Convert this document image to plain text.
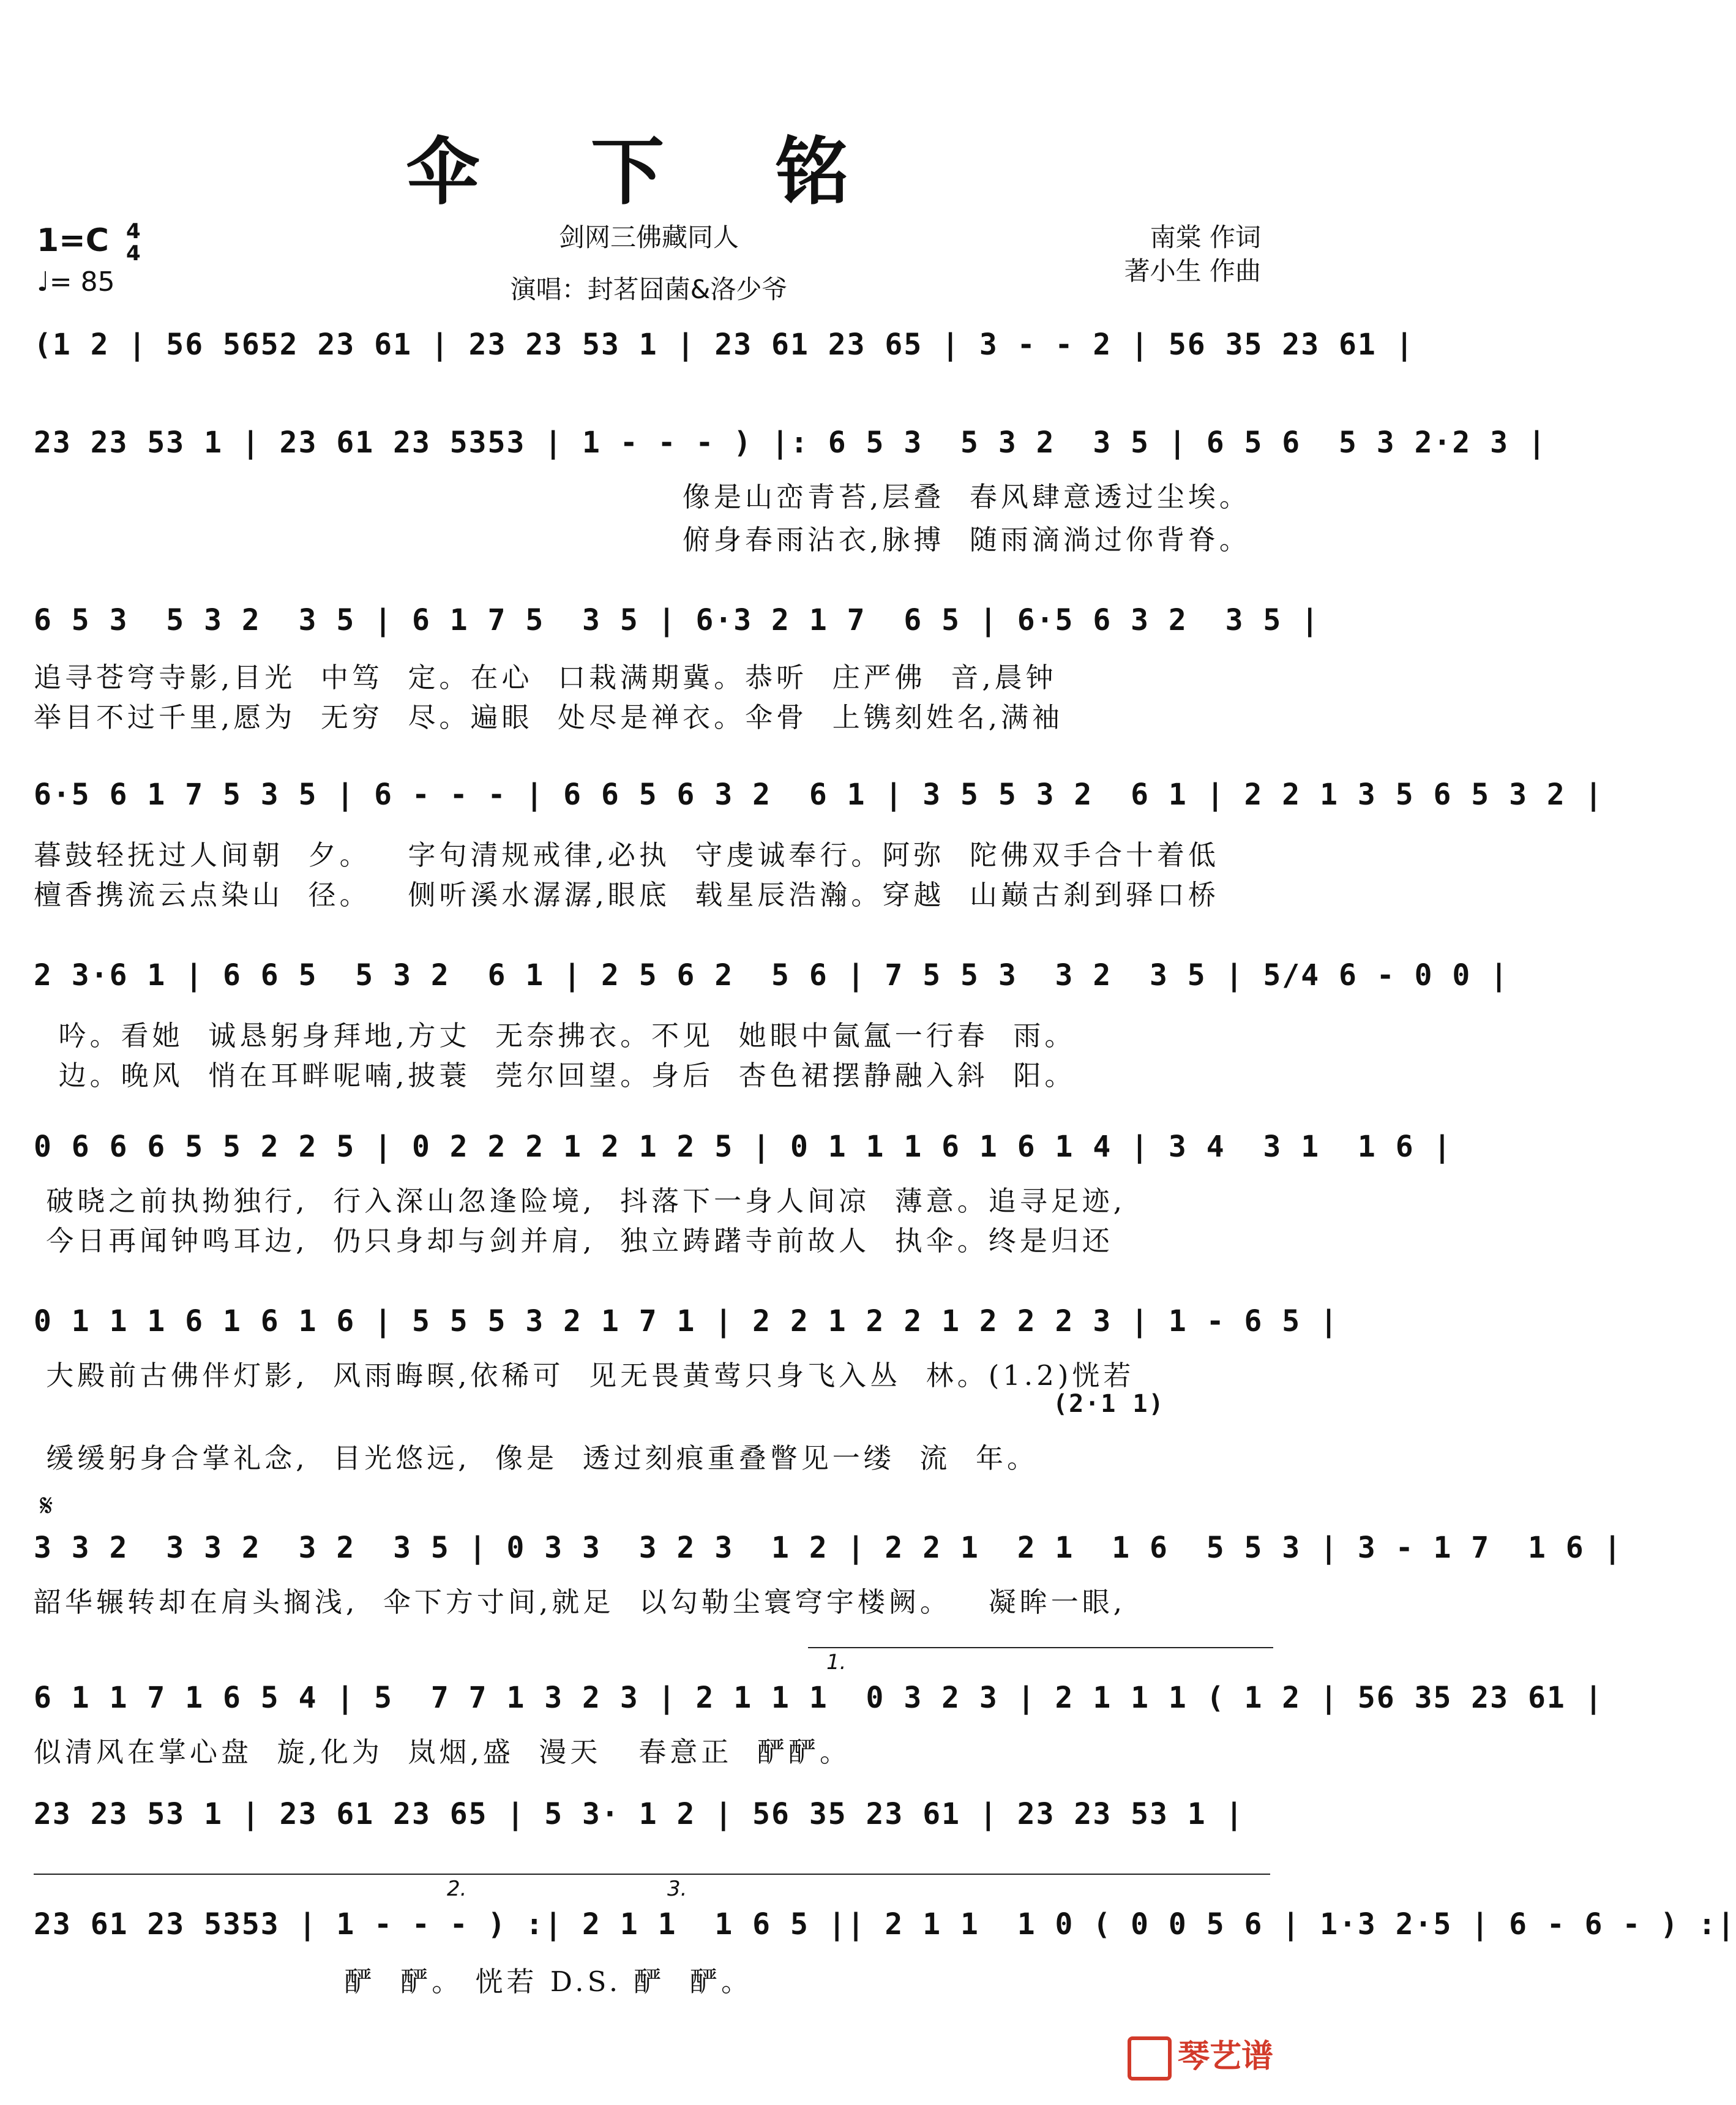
伞 下 铭
剑网三佛藏同人
演唱：封茗囧菌&洛少爷
南棠 作词
著小生 作曲
1=C 4
4
♩= 85
(1 2 | 56 5652 23 61 | 23 23 53 1 | 23 61 23 65 | 3 - - 2 | 56 35 23 61 |
23 23 53 1 | 23 61 23 5353 | 1 - - - ) |: 6 5 3  5 3 2  3 5 | 6 5 6  5 3 2·2 3 |
像是山峦青苔,层叠  春风肆意透过尘埃。
俯身春雨沾衣,脉搏  随雨滴淌过你背脊。
6 5 3  5 3 2  3 5 | 6 1 7 5  3 5 | 6·3 2 1 7  6 5 | 6·5 6 3 2  3 5 |
追寻苍穹寺影,目光  中笃  定。在心  口栽满期冀。恭听  庄严佛  音,晨钟
举目不过千里,愿为  无穷  尽。遍眼  处尽是禅衣。伞骨  上镌刻姓名,满袖
6·5 6 1 7 5 3 5 | 6 - - - | 6 6 5 6 3 2  6 1 | 3 5 5 3 2  6 1 | 2 2 1 3 5 6 5 3 2 |
暮鼓轻抚过人间朝  夕。   字句清规戒律,必执  守虔诚奉行。阿弥  陀佛双手合十着低
檀香携流云点染山  径。   侧听溪水潺潺,眼底  载星辰浩瀚。穿越  山巅古刹到驿口桥
2 3·6 1 | 6 6 5  5 3 2  6 1 | 2 5 6 2  5 6 | 7 5 5 3  3 2  3 5 | 5/4 6 - 0 0 |
吟。看她  诚恳躬身拜地,方丈  无奈拂衣。不见  她眼中氤氲一行春  雨。
边。晚风  悄在耳畔呢喃,披蓑  莞尔回望。身后  杏色裙摆静融入斜  阳。
0 6 6 6 5 5 2 2 5 | 0 2 2 2 1 2 1 2 5 | 0 1 1 1 6 1 6 1 4 | 3 4  3 1  1 6 |
破晓之前执拗独行,  行入深山忽逢险境,  抖落下一身人间凉  薄意。追寻足迹,
今日再闻钟鸣耳边,  仍只身却与剑并肩,  独立踌躇寺前故人  执伞。终是归还
0 1 1 1 6 1 6 1 6 | 5 5 5 3 2 1 7 1 | 2 2 1 2 2 1 2 2 2 3 | 1 - 6 5 |
大殿前古佛伴灯影,  风雨晦暝,依稀可  见无畏黄莺只身飞入丛  林。(1.2)恍若
(2·1 1)
缓缓躬身合掌礼念,  目光悠远,  像是  透过刻痕重叠瞥见一缕  流  年。
𝄋
3 3 2  3 3 2  3 2  3 5 | 0 3 3  3 2 3  1 2 | 2 2 1  2 1  1 6  5 5 3 | 3 - 1 7  1 6 |
韶华辗转却在肩头搁浅,  伞下方寸间,就足  以勾勒尘寰穹宇楼阙。   凝眸一眼,
1.
6 1 1 7 1 6 5 4 | 5  7 7 1 3 2 3 | 2 1 1 1  0 3 2 3 | 2 1 1 1 ( 1 2 | 56 35 23 61 |
似清风在掌心盘  旋,化为  岚烟,盛  漫天   春意正  酽酽。
23 23 53 1 | 23 61 23 65 | 5 3· 1 2 | 56 35 23 61 | 23 23 53 1 |
2.	3.
23 61 23 5353 | 1 - - - ) :| 2 1 1  1 6 5 || 2 1 1  1 0 ( 0 0 5 6 | 1·3 2·5 | 6 - 6 - ) :|
酽  酽。 恍若 D.S. 酽  酽。
琴艺谱
